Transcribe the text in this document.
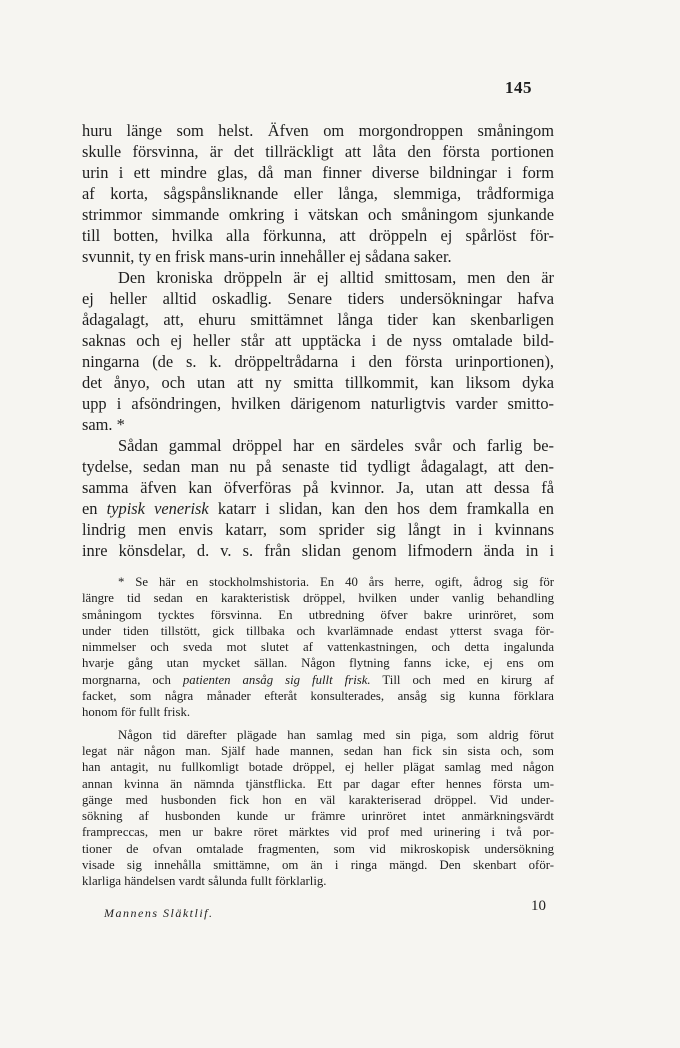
145
huru länge som helst. Äfven om morgondroppen småningom
skulle försvinna, är det tillräckligt att låta den första portionen
urin i ett mindre glas, då man finner diverse bildningar i form
af korta, sågspånsliknande eller långa, slemmiga, trådformiga
strimmor simmande omkring i vätskan och småningom sjunkande
till botten, hvilka alla förkunna, att dröppeln ej spårlöst för-
svunnit, ty en frisk mans-urin innehåller ej sådana saker.
Den kroniska dröppeln är ej alltid smittosam, men den är
ej heller alltid oskadlig. Senare tiders undersökningar hafva
ådagalagt, att, ehuru smittämnet långa tider kan skenbarligen
saknas och ej heller står att upptäcka i de nyss omtalade bild-
ningarna (de s. k. dröppeltrådarna i den första urinportionen),
det ånyo, och utan att ny smitta tillkommit, kan liksom dyka
upp i afsöndringen, hvilken därigenom naturligtvis varder smitto-
sam. *
Sådan gammal dröppel har en särdeles svår och farlig be-
tydelse, sedan man nu på senaste tid tydligt ådagalagt, att den-
samma äfven kan öfverföras på kvinnor. Ja, utan att dessa få
en typisk venerisk katarr i slidan, kan den hos dem framkalla en
lindrig men envis katarr, som sprider sig långt in i kvinnans
inre könsdelar, d. v. s. från slidan genom lifmodern ända in i
* Se här en stockholmshistoria. En 40 års herre, ogift, ådrog sig för
längre tid sedan en karakteristisk dröppel, hvilken under vanlig behandling
småningom tycktes försvinna. En utbredning öfver bakre urinröret, som
under tiden tillstött, gick tillbaka och kvarlämnade endast ytterst svaga för-
nimmelser och sveda mot slutet af vattenkastningen, och detta ingalunda
hvarje gång utan mycket sällan. Någon flytning fanns icke, ej ens om
morgnarna, och patienten ansåg sig fullt frisk. Till och med en kirurg af
facket, som några månader efteråt konsulterades, ansåg sig kunna förklara
honom för fullt frisk.
Någon tid därefter plägade han samlag med sin piga, som aldrig förut
legat när någon man. Själf hade mannen, sedan han fick sin sista och, som
han antagit, nu fullkomligt botade dröppel, ej heller plägat samlag med någon
annan kvinna än nämnda tjänstflicka. Ett par dagar efter hennes första um-
gänge med husbonden fick hon en väl karakteriserad dröppel. Vid under-
sökning af husbonden kunde ur främre urinröret intet anmärkningsvärdt
framprессas, men ur bakre röret märktes vid prof med urinering i två por-
tioner de ofvan omtalade fragmenten, som vid mikroskopisk undersökning
visade sig innehålla smittämne, om än i ringa mängd. Den skenbart oför-
klarliga händelsen vardt sålunda fullt förklarlig.
Mannens Släktlif.	10
